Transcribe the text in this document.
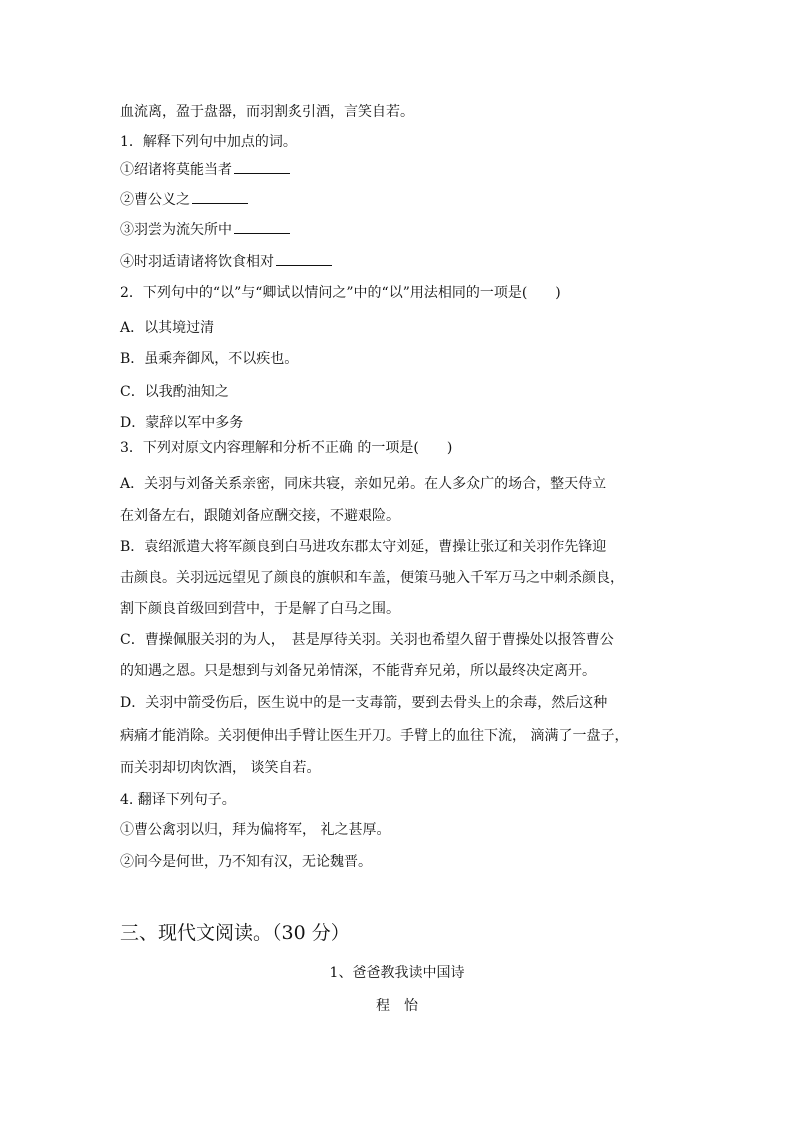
血流离，盈于盘器，而羽割炙引酒，言笑自若。
1．解释下列句中加点的词。
①绍诸将莫能当者
②曹公义之
③羽尝为流矢所中
④时羽适请诸将饮食相对
2．下列句中的“以”与“卿试以情问之”中的“以”用法相同的一项是(　　)
A．以其境过清
B．虽乘奔御风，不以疾也。
C．以我酌油知之
D．蒙辞以军中多务
3．下列对原文内容理解和分析不正确 的一项是(　　)
A．关羽与刘备关系亲密，同床共寝，亲如兄弟。在人多众广的场合，整天侍立
在刘备左右，跟随刘备应酬交接，不避艰险。
B．袁绍派遣大将军颜良到白马进攻东郡太守刘延，曹操让张辽和关羽作先锋迎
击颜良。关羽远远望见了颜良的旗帜和车盖，便策马驰入千军万马之中刺杀颜良，
割下颜良首级回到营中，于是解了白马之围。
C．曹操佩服关羽的为人，　甚是厚待关羽。关羽也希望久留于曹操处以报答曹公
的知遇之恩。只是想到与刘备兄弟情深，不能背弃兄弟，所以最终决定离开。
D．关羽中箭受伤后，医生说中的是一支毒箭，要到去骨头上的余毒，然后这种
病痛才能消除。关羽便伸出手臂让医生开刀。手臂上的血往下流， 滴满了一盘子，
而关羽却切肉饮酒， 谈笑自若。
4. 翻译下列句子。
①曹公禽羽以归，拜为偏将军， 礼之甚厚。
②问今是何世，乃不知有汉，无论魏晋。
三、现代文阅读。（30 分）
1、爸爸教我读中国诗
程　怡
